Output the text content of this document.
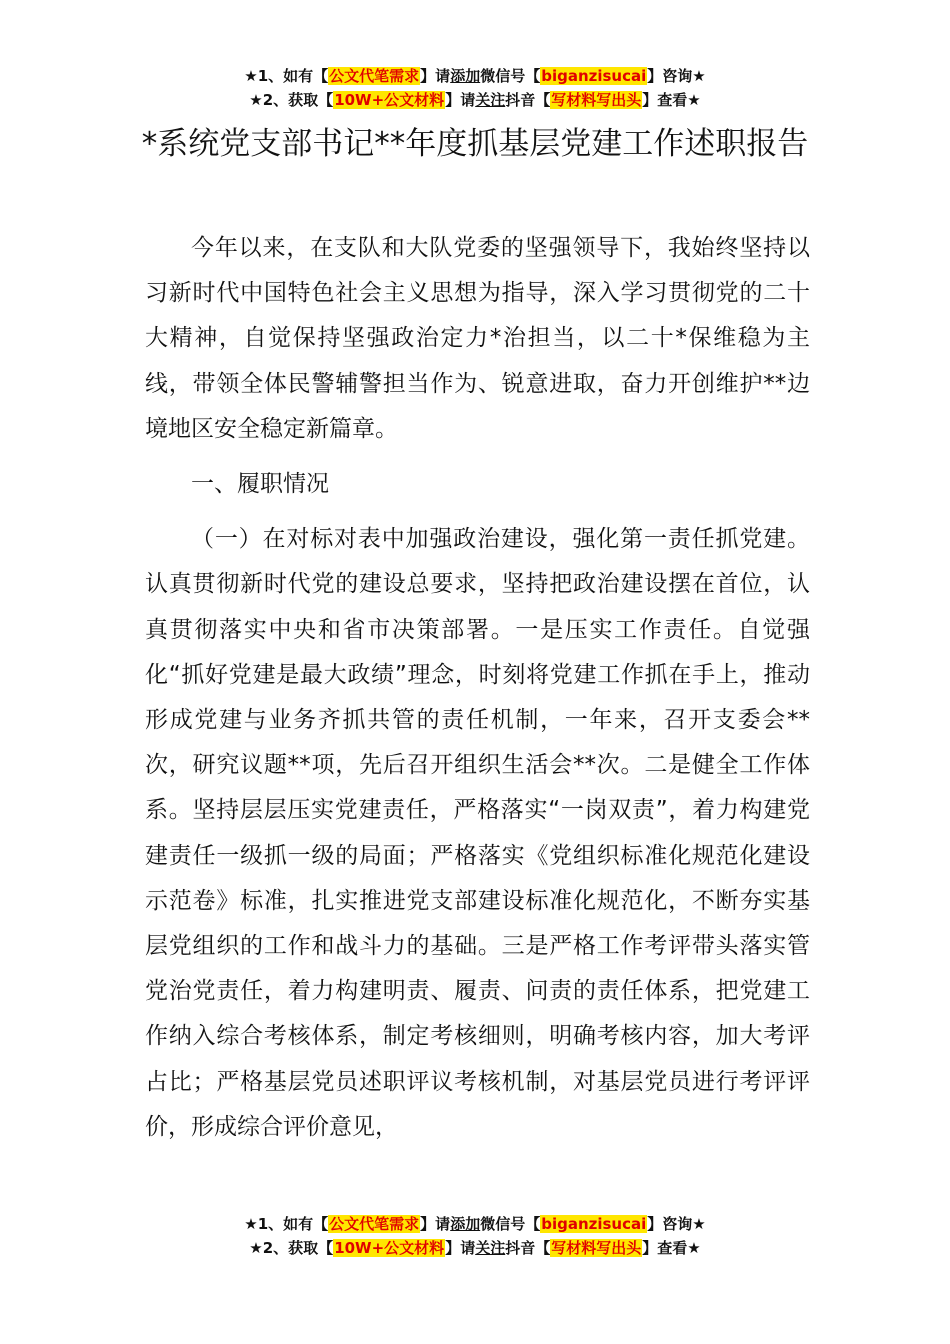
★1、如有【公文代笔需求】请添加微信号【biganzisucai】咨询★
★2、获取【10W+公文材料】请关注抖音【写材料写出头】查看★
*系统党支部书记**年度抓基层党建工作述职报告

今年以来，在支队和大队党委的坚强领导下，我始终坚持以习新时代中国特色社会主义思想为指导，深入学习贯彻党的二十大精神，自觉保持坚强政治定力*治担当，以二十*保维稳为主线，带领全体民警辅警担当作为、锐意进取，奋力开创维护**边境地区安全稳定新篇章。

一、履职情况

（一）在对标对表中加强政治建设，强化第一责任抓党建。认真贯彻新时代党的建设总要求，坚持把政治建设摆在首位，认真贯彻落实中央和省市决策部署。一是压实工作责任。自觉强化“抓好党建是最大政绩”理念，时刻将党建工作抓在手上，推动形成党建与业务齐抓共管的责任机制，一年来，召开支委会**次，研究议题**项，先后召开组织生活会**次。二是健全工作体系。坚持层层压实党建责任，严格落实“一岗双责”，着力构建党建责任一级抓一级的局面；严格落实《党组织标准化规范化建设示范卷》标准，扎实推进党支部建设标准化规范化，不断夯实基层党组织的工作和战斗力的基础。三是严格工作考评带头落实管党治党责任，着力构建明责、履责、问责的责任体系，把党建工作纳入综合考核体系，制定考核细则，明确考核内容，加大考评占比；严格基层党员述职评议考核机制，对基层党员进行考评评价，形成综合评价意见，

★1、如有【公文代笔需求】请添加微信号【biganzisucai】咨询★
★2、获取【10W+公文材料】请关注抖音【写材料写出头】查看★
